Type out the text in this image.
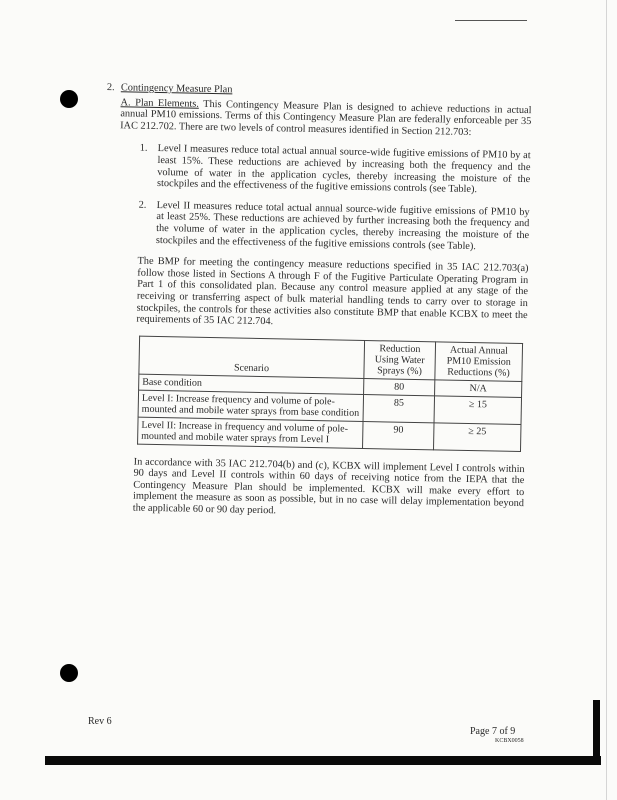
2. Contingency Measure Plan
A. Plan Elements. This Contingency Measure Plan is designed to achieve reductions in actual annual PM10 emissions. Terms of this Contingency Measure Plan are federally enforceable per 35 IAC 212.702. There are two levels of control measures identified in Section 212.703:
1. Level I measures reduce total actual annual source-wide fugitive emissions of PM10 by at least 15%. These reductions are achieved by increasing both the frequency and the volume of water in the application cycles, thereby increasing the moisture of the stockpiles and the effectiveness of the fugitive emissions controls (see Table).
2. Level II measures reduce total actual annual source-wide fugitive emissions of PM10 by at least 25%. These reductions are achieved by further increasing both the frequency and the volume of water in the application cycles, thereby increasing the moisture of the stockpiles and the effectiveness of the fugitive emissions controls (see Table).
The BMP for meeting the contingency measure reductions specified in 35 IAC 212.703(a) follow those listed in Sections A through F of the Fugitive Particulate Operating Program in Part 1 of this consolidated plan. Because any control measure applied at any stage of the receiving or transferring aspect of bulk material handling tends to carry over to storage in stockpiles, the controls for these activities also constitute BMP that enable KCBX to meet the requirements of 35 IAC 212.704.
Scenario	Reduction Using Water Sprays (%)	Actual Annual PM10 Emission Reductions (%)
Base condition	80	N/A
Level I: Increase frequency and volume of pole-mounted and mobile water sprays from base condition	85	≥ 15
Level II: Increase in frequency and volume of pole-mounted and mobile water sprays from Level I	90	≥ 25
In accordance with 35 IAC 212.704(b) and (c), KCBX will implement Level I controls within 90 days and Level II controls within 60 days of receiving notice from the IEPA that the Contingency Measure Plan should be implemented. KCBX will make every effort to implement the measure as soon as possible, but in no case will delay implementation beyond the applicable 60 or 90 day period.
Rev 6
Page 7 of 9
KCBX0058
